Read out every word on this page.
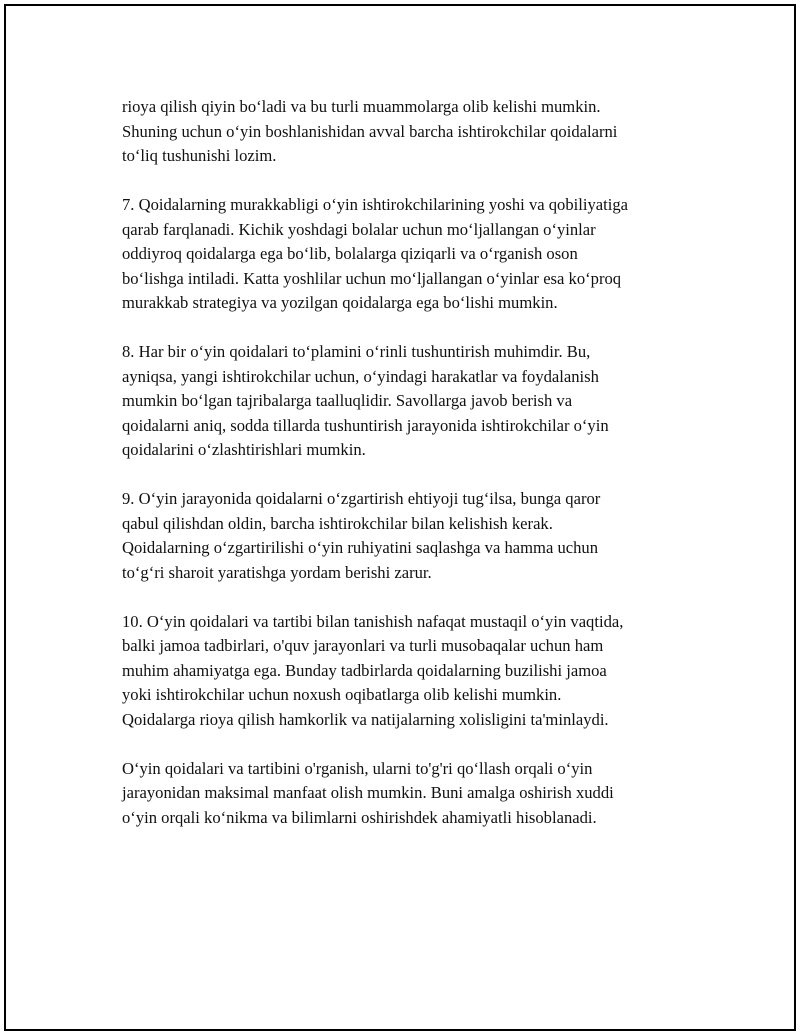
rioya qilish qiyin boʻladi va bu turli muammolarga olib kelishi mumkin.
Shuning uchun oʻyin boshlanishidan avval barcha ishtirokchilar qoidalarni
toʻliq tushunishi lozim.

7. Qoidalarning murakkabligi oʻyin ishtirokchilarining yoshi va qobiliyatiga
qarab farqlanadi. Kichik yoshdagi bolalar uchun moʻljallangan oʻyinlar
oddiyroq qoidalarga ega boʻlib, bolalarga qiziqarli va oʻrganish oson
boʻlishga intiladi. Katta yoshlilar uchun moʻljallangan oʻyinlar esa koʻproq
murakkab strategiya va yozilgan qoidalarga ega boʻlishi mumkin.

8. Har bir oʻyin qoidalari toʻplamini oʻrinli tushuntirish muhimdir. Bu,
ayniqsa, yangi ishtirokchilar uchun, oʻyindagi harakatlar va foydalanish
mumkin boʻlgan tajribalarga taalluqlidir. Savollarga javob berish va
qoidalarni aniq, sodda tillarda tushuntirish jarayonida ishtirokchilar oʻyin
qoidalarini oʻzlashtirishlari mumkin.

9. Oʻyin jarayonida qoidalarni oʻzgartirish ehtiyoji tugʻilsa, bunga qaror
qabul qilishdan oldin, barcha ishtirokchilar bilan kelishish kerak.
Qoidalarning oʻzgartirilishi oʻyin ruhiyatini saqlashga va hamma uchun
toʻgʻri sharoit yaratishga yordam berishi zarur.

10. Oʻyin qoidalari va tartibi bilan tanishish nafaqat mustaqil oʻyin vaqtida,
balki jamoa tadbirlari, o'quv jarayonlari va turli musobaqalar uchun ham
muhim ahamiyatga ega. Bunday tadbirlarda qoidalarning buzilishi jamoa
yoki ishtirokchilar uchun noxush oqibatlarga olib kelishi mumkin.
Qoidalarga rioya qilish hamkorlik va natijalarning xolisligini ta'minlaydi.

Oʻyin qoidalari va tartibini o'rganish, ularni to'g'ri qoʻllash orqali oʻyin
jarayonidan maksimal manfaat olish mumkin. Buni amalga oshirish xuddi
oʻyin orqali koʻnikma va bilimlarni oshirishdek ahamiyatli hisoblanadi.
